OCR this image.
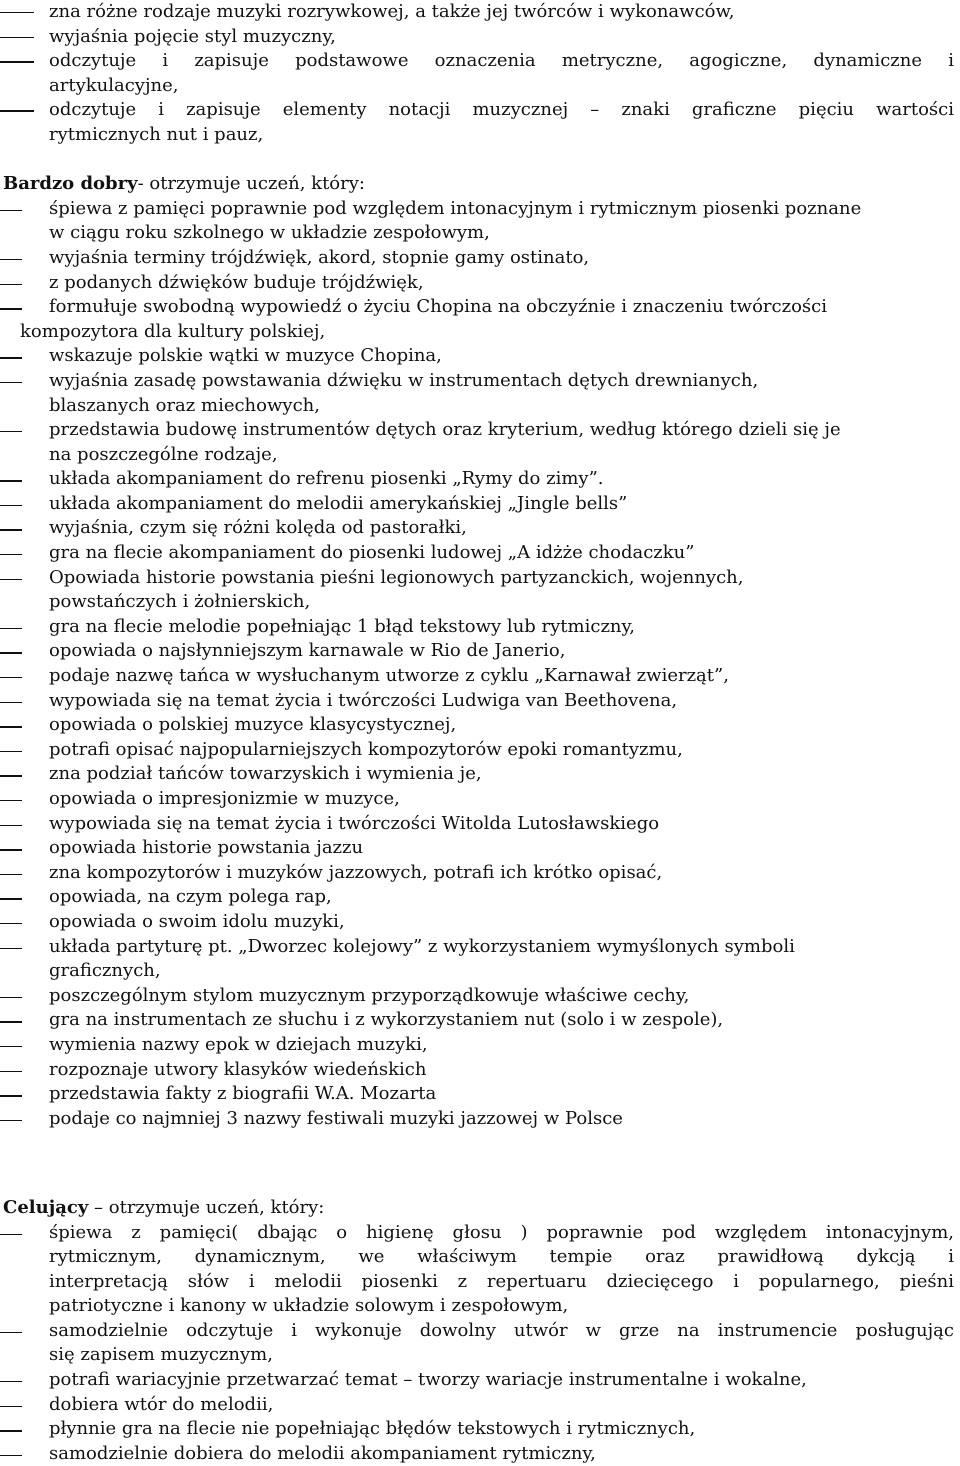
zna różne rodzaje muzyki rozrywkowej, a także jej twórców i wykonawców,
wyjaśnia pojęcie styl muzyczny,
odczytuje i zapisuje podstawowe oznaczenia metryczne, agogiczne, dynamiczne i
artykulacyjne,
odczytuje i zapisuje elementy notacji muzycznej – znaki graficzne pięciu wartości
rytmicznych nut i pauz,
Bardzo dobry- otrzymuje uczeń, który:
śpiewa z pamięci poprawnie pod względem intonacyjnym i rytmicznym piosenki poznane
w ciągu roku szkolnego w układzie zespołowym,
wyjaśnia terminy trójdźwięk, akord, stopnie gamy ostinato,
z podanych dźwięków buduje trójdźwięk,
formułuje swobodną wypowiedź o życiu Chopina na obczyźnie i znaczeniu twórczości
kompozytora dla kultury polskiej,
wskazuje polskie wątki w muzyce Chopina,
wyjaśnia zasadę powstawania dźwięku w instrumentach dętych drewnianych,
blaszanych oraz miechowych,
przedstawia budowę instrumentów dętych oraz kryterium, według którego dzieli się je
na poszczególne rodzaje,
układa akompaniament do refrenu piosenki „Rymy do zimy”.
układa akompaniament do melodii amerykańskiej „Jingle bells”
wyjaśnia, czym się różni kolęda od pastorałki,
gra na flecie akompaniament do piosenki ludowej „A idżże chodaczku”
Opowiada historie powstania pieśni legionowych partyzanckich, wojennych,
powstańczych i żołnierskich,
gra na flecie melodie popełniając 1 błąd tekstowy lub rytmiczny,
opowiada o najsłynniejszym karnawale w Rio de Janerio,
podaje nazwę tańca w wysłuchanym utworze z cyklu „Karnawał zwierząt”,
wypowiada się na temat życia i twórczości Ludwiga van Beethovena,
opowiada o polskiej muzyce klasycystycznej,
potrafi opisać najpopularniejszych kompozytorów epoki romantyzmu,
zna podział tańców towarzyskich i wymienia je,
opowiada o impresjonizmie w muzyce,
wypowiada się na temat życia i twórczości Witolda Lutosławskiego
opowiada historie powstania jazzu
zna kompozytorów i muzyków jazzowych, potrafi ich krótko opisać,
opowiada, na czym polega rap,
opowiada o swoim idolu muzyki,
układa partyturę pt. „Dworzec kolejowy” z wykorzystaniem wymyślonych symboli
graficznych,
poszczególnym stylom muzycznym przyporządkowuje właściwe cechy,
gra na instrumentach ze słuchu i z wykorzystaniem nut (solo i w zespole),
wymienia nazwy epok w dziejach muzyki,
rozpoznaje utwory klasyków wiedeńskich
przedstawia fakty z biografii W.A. Mozarta
podaje co najmniej 3 nazwy festiwali muzyki jazzowej w Polsce
Celujący – otrzymuje uczeń, który:
śpiewa z pamięci( dbając o higienę głosu ) poprawnie pod względem intonacyjnym,
rytmicznym, dynamicznym, we właściwym tempie oraz prawidłową dykcją i
interpretacją słów i melodii piosenki z repertuaru dziecięcego i popularnego, pieśni
patriotyczne i kanony w układzie solowym i zespołowym,
samodzielnie odczytuje i wykonuje dowolny utwór w grze na instrumencie posługując
się zapisem muzycznym,
potrafi wariacyjnie przetwarzać temat – tworzy wariacje instrumentalne i wokalne,
dobiera wtór do melodii,
płynnie gra na flecie nie popełniając błędów tekstowych i rytmicznych,
samodzielnie dobiera do melodii akompaniament rytmiczny,
